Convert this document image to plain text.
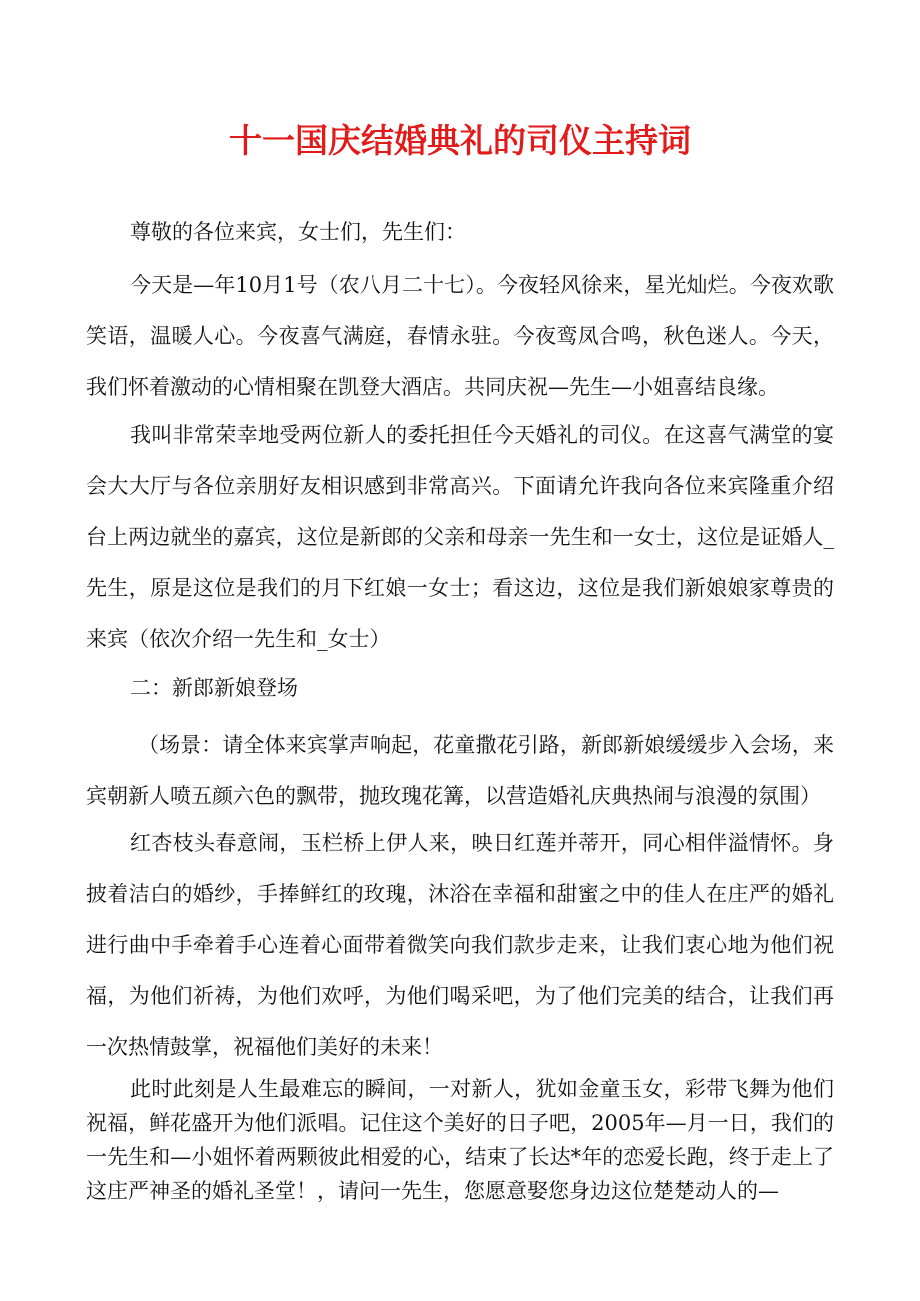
十一国庆结婚典礼的司仪主持词

尊敬的各位来宾，女士们，先生们：

今天是—年10月1号（农八月二十七）。今夜轻风徐来，星光灿烂。今夜欢歌笑语，温暖人心。今夜喜气满庭，春情永驻。今夜鸾凤合鸣，秋色迷人。今天，我们怀着激动的心情相聚在凯登大酒店。共同庆祝—先生—小姐喜结良缘。

我叫非常荣幸地受两位新人的委托担任今天婚礼的司仪。在这喜气满堂的宴会大大厅与各位亲朋好友相识感到非常高兴。下面请允许我向各位来宾隆重介绍台上两边就坐的嘉宾，这位是新郎的父亲和母亲一先生和一女士，这位是证婚人_先生，原是这位是我们的月下红娘一女士；看这边，这位是我们新娘娘家尊贵的来宾（依次介绍一先生和_女士）

二：新郎新娘登场

（场景：请全体来宾掌声响起，花童撒花引路，新郎新娘缓缓步入会场，来宾朝新人喷五颜六色的飘带，抛玫瑰花篝，以营造婚礼庆典热闹与浪漫的氛围）

红杏枝头春意闹，玉栏桥上伊人来，映日红莲并蒂开，同心相伴溢情怀。身披着洁白的婚纱，手捧鲜红的玫瑰，沐浴在幸福和甜蜜之中的佳人在庄严的婚礼进行曲中手牵着手心连着心面带着微笑向我们款步走来，让我们衷心地为他们祝福，为他们祈祷，为他们欢呼，为他们喝采吧，为了他们完美的结合，让我们再一次热情鼓掌，祝福他们美好的未来！

此时此刻是人生最难忘的瞬间，一对新人，犹如金童玉女，彩带飞舞为他们祝福，鲜花盛开为他们派唱。记住这个美好的日子吧，2005年—月一日，我们的一先生和—小姐怀着两颗彼此相爱的心，结束了长达*年的恋爱长跑，终于走上了这庄严神圣的婚礼圣堂！，请问一先生，您愿意娶您身边这位楚楚动人的—
